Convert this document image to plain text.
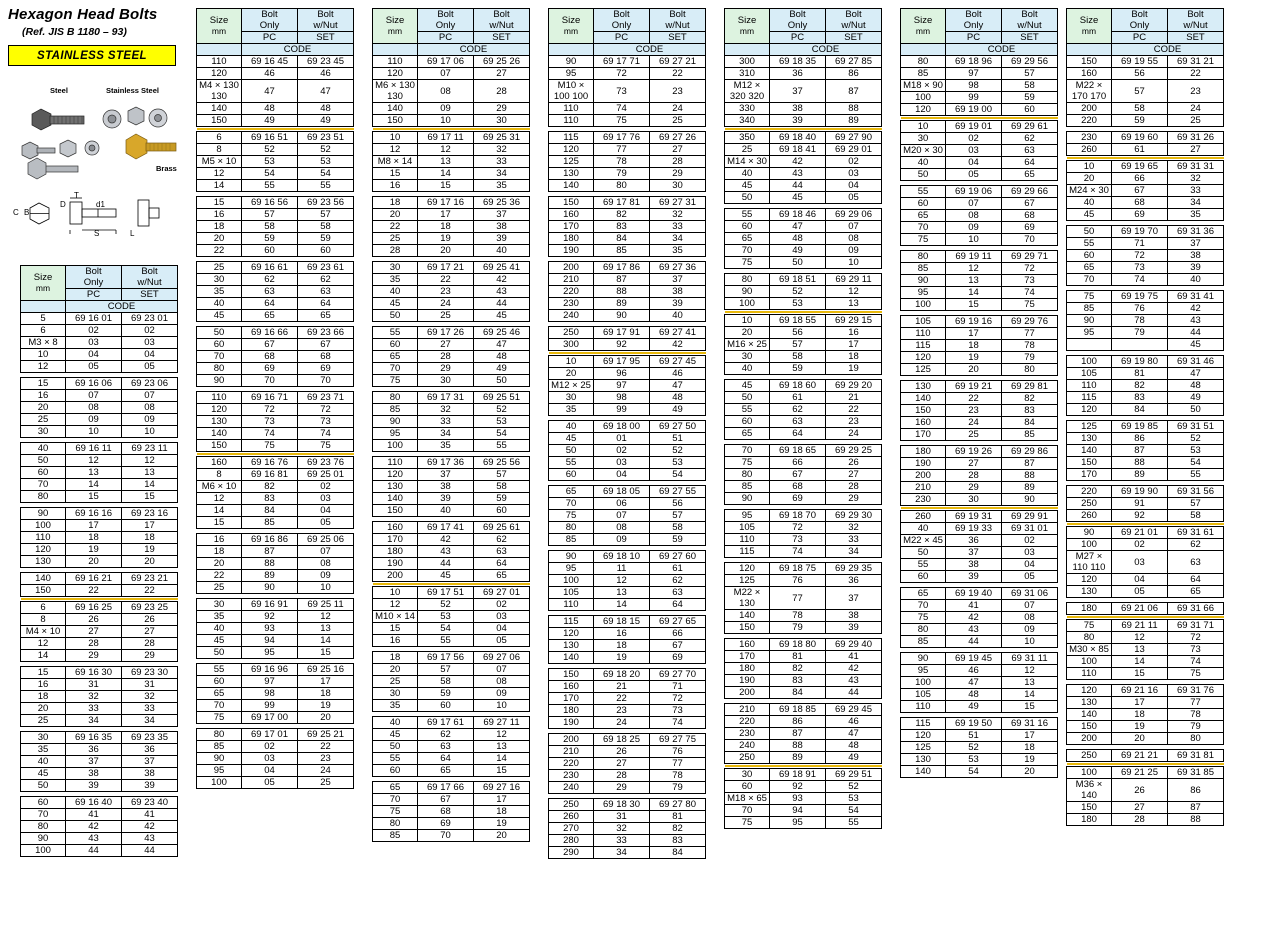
Hexagon Head Bolts
(Ref. JIS B 1180 – 93)
STAINLESS STEEL
C B
D
T
d1
S	L
Steel	Stainless Steel
Brass
Size
mm

Bolt
Only

Bolt
w/Nut

	PC	SET
	CODE	
5	69 16 01	69 23 01
6	02	02
M3 × 8	03	03
10	04	04
12	05	05

15	69 16 06	69 23 06
16	07	07
20	08	08
25	09	09
30	10	10

40	69 16 11	69 23 11
50	12	12
60	13	13
70	14	14
80	15	15

90	69 16 16	69 23 16
100	17	17
110	18	18
120	19	19
130	20	20

140	69 16 21	69 23 21
150	22	22

6	69 16 25	69 23 25
8	26	26
M4 × 10	27	27
12	28	28
14	29	29

15	69 16 30	69 23 30
16	31	31
18	32	32
20	33	33
25	34	34

30	69 16 35	69 23 35
35	36	36
40	37	37
45	38	38
50	39	39

60	69 16 40	69 23 40
70	41	41
80	42	42
90	43	43
100	44	44
Size
mm

Bolt
Only

Bolt
w/Nut

	PC	SET
	CODE	
110	69 16 45	69 23 45
120	46	46
M4 × 130 130	47	47
140	48	48
150	49	49

6	69 16 51	69 23 51
8	52	52
M5 × 10	53	53
12	54	54
14	55	55

15	69 16 56	69 23 56
16	57	57
18	58	58
20	59	59
22	60	60

25	69 16 61	69 23 61
30	62	62
35	63	63
40	64	64
45	65	65

50	69 16 66	69 23 66
60	67	67
70	68	68
80	69	69
90	70	70

110	69 16 71	69 23 71
120	72	72
130	73	73
140	74	74
150	75	75

160	69 16 76	69 23 76
8	69 16 81	69 25 01
M6 × 10	82	02
12	83	03
14	84	04
15	85	05

16	69 16 86	69 25 06
18	87	07
20	88	08
22	89	09
25	90	10

30	69 16 91	69 25 11
35	92	12
40	93	13
45	94	14
50	95	15

55	69 16 96	69 25 16
60	97	17
65	98	18
70	99	19
75	69 17 00	20

80	69 17 01	69 25 21
85	02	22
90	03	23
95	04	24
100	05	25
Size
mm

Bolt
Only

Bolt
w/Nut

	PC	SET
	CODE	
110	69 17 06	69 25 26
120	07	27
M6 × 130 130	08	28
140	09	29
150	10	30

10	69 17 11	69 25 31
12	12	32
M8 × 14	13	33
15	14	34
16	15	35

18	69 17 16	69 25 36
20	17	37
22	18	38
25	19	39
28	20	40

30	69 17 21	69 25 41
35	22	42
40	23	43
45	24	44
50	25	45

55	69 17 26	69 25 46
60	27	47
65	28	48
70	29	49
75	30	50

80	69 17 31	69 25 51
85	32	52
90	33	53
95	34	54
100	35	55

110	69 17 36	69 25 56
120	37	57
130	38	58
140	39	59
150	40	60

160	69 17 41	69 25 61
170	42	62
180	43	63
190	44	64
200	45	65

10	69 17 51	69 27 01
12	52	02
M10 × 14	53	03
15	54	04
16	55	05

18	69 17 56	69 27 06
20	57	07
25	58	08
30	59	09
35	60	10

40	69 17 61	69 27 11
45	62	12
50	63	13
55	64	14
60	65	15

65	69 17 66	69 27 16
70	67	17
75	68	18
80	69	19
85	70	20
Size
mm

Bolt
Only

Bolt
w/Nut

	PC	SET
	CODE	
90	69 17 71	69 27 21
95	72	22
M10 × 100 100	73	23
110	74	24
110	75	25

115	69 17 76	69 27 26
120	77	27
125	78	28
130	79	29
140	80	30

150	69 17 81	69 27 31
160	82	32
170	83	33
180	84	34
190	85	35

200	69 17 86	69 27 36
210	87	37
220	88	38
230	89	39
240	90	40

250	69 17 91	69 27 41
300	92	42

10	69 17 95	69 27 45
20	96	46
M12 × 25	97	47
30	98	48
35	99	49

40	69 18 00	69 27 50
45	01	51
50	02	52
55	03	53
60	04	54

65	69 18 05	69 27 55
70	06	56
75	07	57
80	08	58
85	09	59

90	69 18 10	69 27 60
95	11	61
100	12	62
105	13	63
110	14	64

115	69 18 15	69 27 65
120	16	66
130	18	67
140	19	69

150	69 18 20	69 27 70
160	21	71
170	22	72
180	23	73
190	24	74

200	69 18 25	69 27 75
210	26	76
220	27	77
230	28	78
240	29	79

250	69 18 30	69 27 80
260	31	81
270	32	82
280	33	83
290	34	84
Size
mm

Bolt
Only

Bolt
w/Nut

	PC	SET
	CODE	
300	69 18 35	69 27 85
310	36	86
M12 × 320 320	37	87
330	38	88
340	39	89

350	69 18 40	69 27 90
25	69 18 41	69 29 01
M14 × 30	42	02
40	43	03
45	44	04
50	45	05

55	69 18 46	69 29 06
60	47	07
65	48	08
70	49	09
75	50	10

80	69 18 51	69 29 11
90	52	12
100	53	13

10	69 18 55	69 29 15
20	56	16
M16 × 25	57	17
30	58	18
40	59	19

45	69 18 60	69 29 20
50	61	21
55	62	22
60	63	23
65	64	24

70	69 18 65	69 29 25
75	66	26
80	67	27
85	68	28
90	69	29

95	69 18 70	69 29 30
105	72	32
110	73	33
115	74	34

120	69 18 75	69 29 35
125	76	36
M22 × 130	77	37
140	78	38
150	79	39

160	69 18 80	69 29 40
170	81	41
180	82	42
190	83	43
200	84	44

210	69 18 85	69 29 45
220	86	46
230	87	47
240	88	48
250	89	49

30	69 18 91	69 29 51
60	92	52
M18 × 65	93	53
70	94	54
75	95	55
Size
mm

Bolt
Only

Bolt
w/Nut

	PC	SET
	CODE	
80	69 18 96	69 29 56
85	97	57
M18 × 90	98	58
100	99	59
120	69 19 00	60

10	69 19 01	69 29 61
30	02	62
M20 × 30	03	63
40	04	64
50	05	65

55	69 19 06	69 29 66
60	07	67
65	08	68
70	09	69
75	10	70

80	69 19 11	69 29 71
85	12	72
90	13	73
95	14	74
100	15	75

105	69 19 16	69 29 76
110	17	77
115	18	78
120	19	79
125	20	80

130	69 19 21	69 29 81
140	22	82
150	23	83
160	24	84
170	25	85

180	69 19 26	69 29 86
190	27	87
200	28	88
210	29	89
230	30	90

260	69 19 31	69 29 91
40	69 19 33	69 31 01
M22 × 45	36	02
50	37	03
55	38	04
60	39	05

65	69 19 40	69 31 06
70	41	07
75	42	08
80	43	09
85	44	10

90	69 19 45	69 31 11
95	46	12
100	47	13
105	48	14
110	49	15

115	69 19 50	69 31 16
120	51	17
125	52	18
130	53	19
140	54	20
Size
mm

Bolt
Only

Bolt
w/Nut

	PC	SET
	CODE	
150	69 19 55	69 31 21
160	56	22
M22 × 170 170	57	23
200	58	24
220	59	25

230	69 19 60	69 31 26
260	61	27

10	69 19 65	69 31 31
20	66	32
M24 × 30	67	33
40	68	34
45	69	35

50	69 19 70	69 31 36
55	71	37
60	72	38
65	73	39
70	74	40

75	69 19 75	69 31 41
85	76	42
90	78	43
95	79	44
		45

100	69 19 80	69 31 46
105	81	47
110	82	48
115	83	49
120	84	50

125	69 19 85	69 31 51
130	86	52
140	87	53
150	88	54
170	89	55

220	69 19 90	69 31 56
250	91	57
260	92	58

90	69 21 01	69 31 61
100	02	62
M27 × 110 110	03	63
120	04	64
130	05	65

180	69 21 06	69 31 66

75	69 21 11	69 31 71
80	12	72
M30 × 85	13	73
100	14	74
110	15	75

120	69 21 16	69 31 76
130	17	77
140	18	78
150	19	79
200	20	80

250	69 21 21	69 31 81

100	69 21 25	69 31 85
M36 × 140	26	86
150	27	87
180	28	88
